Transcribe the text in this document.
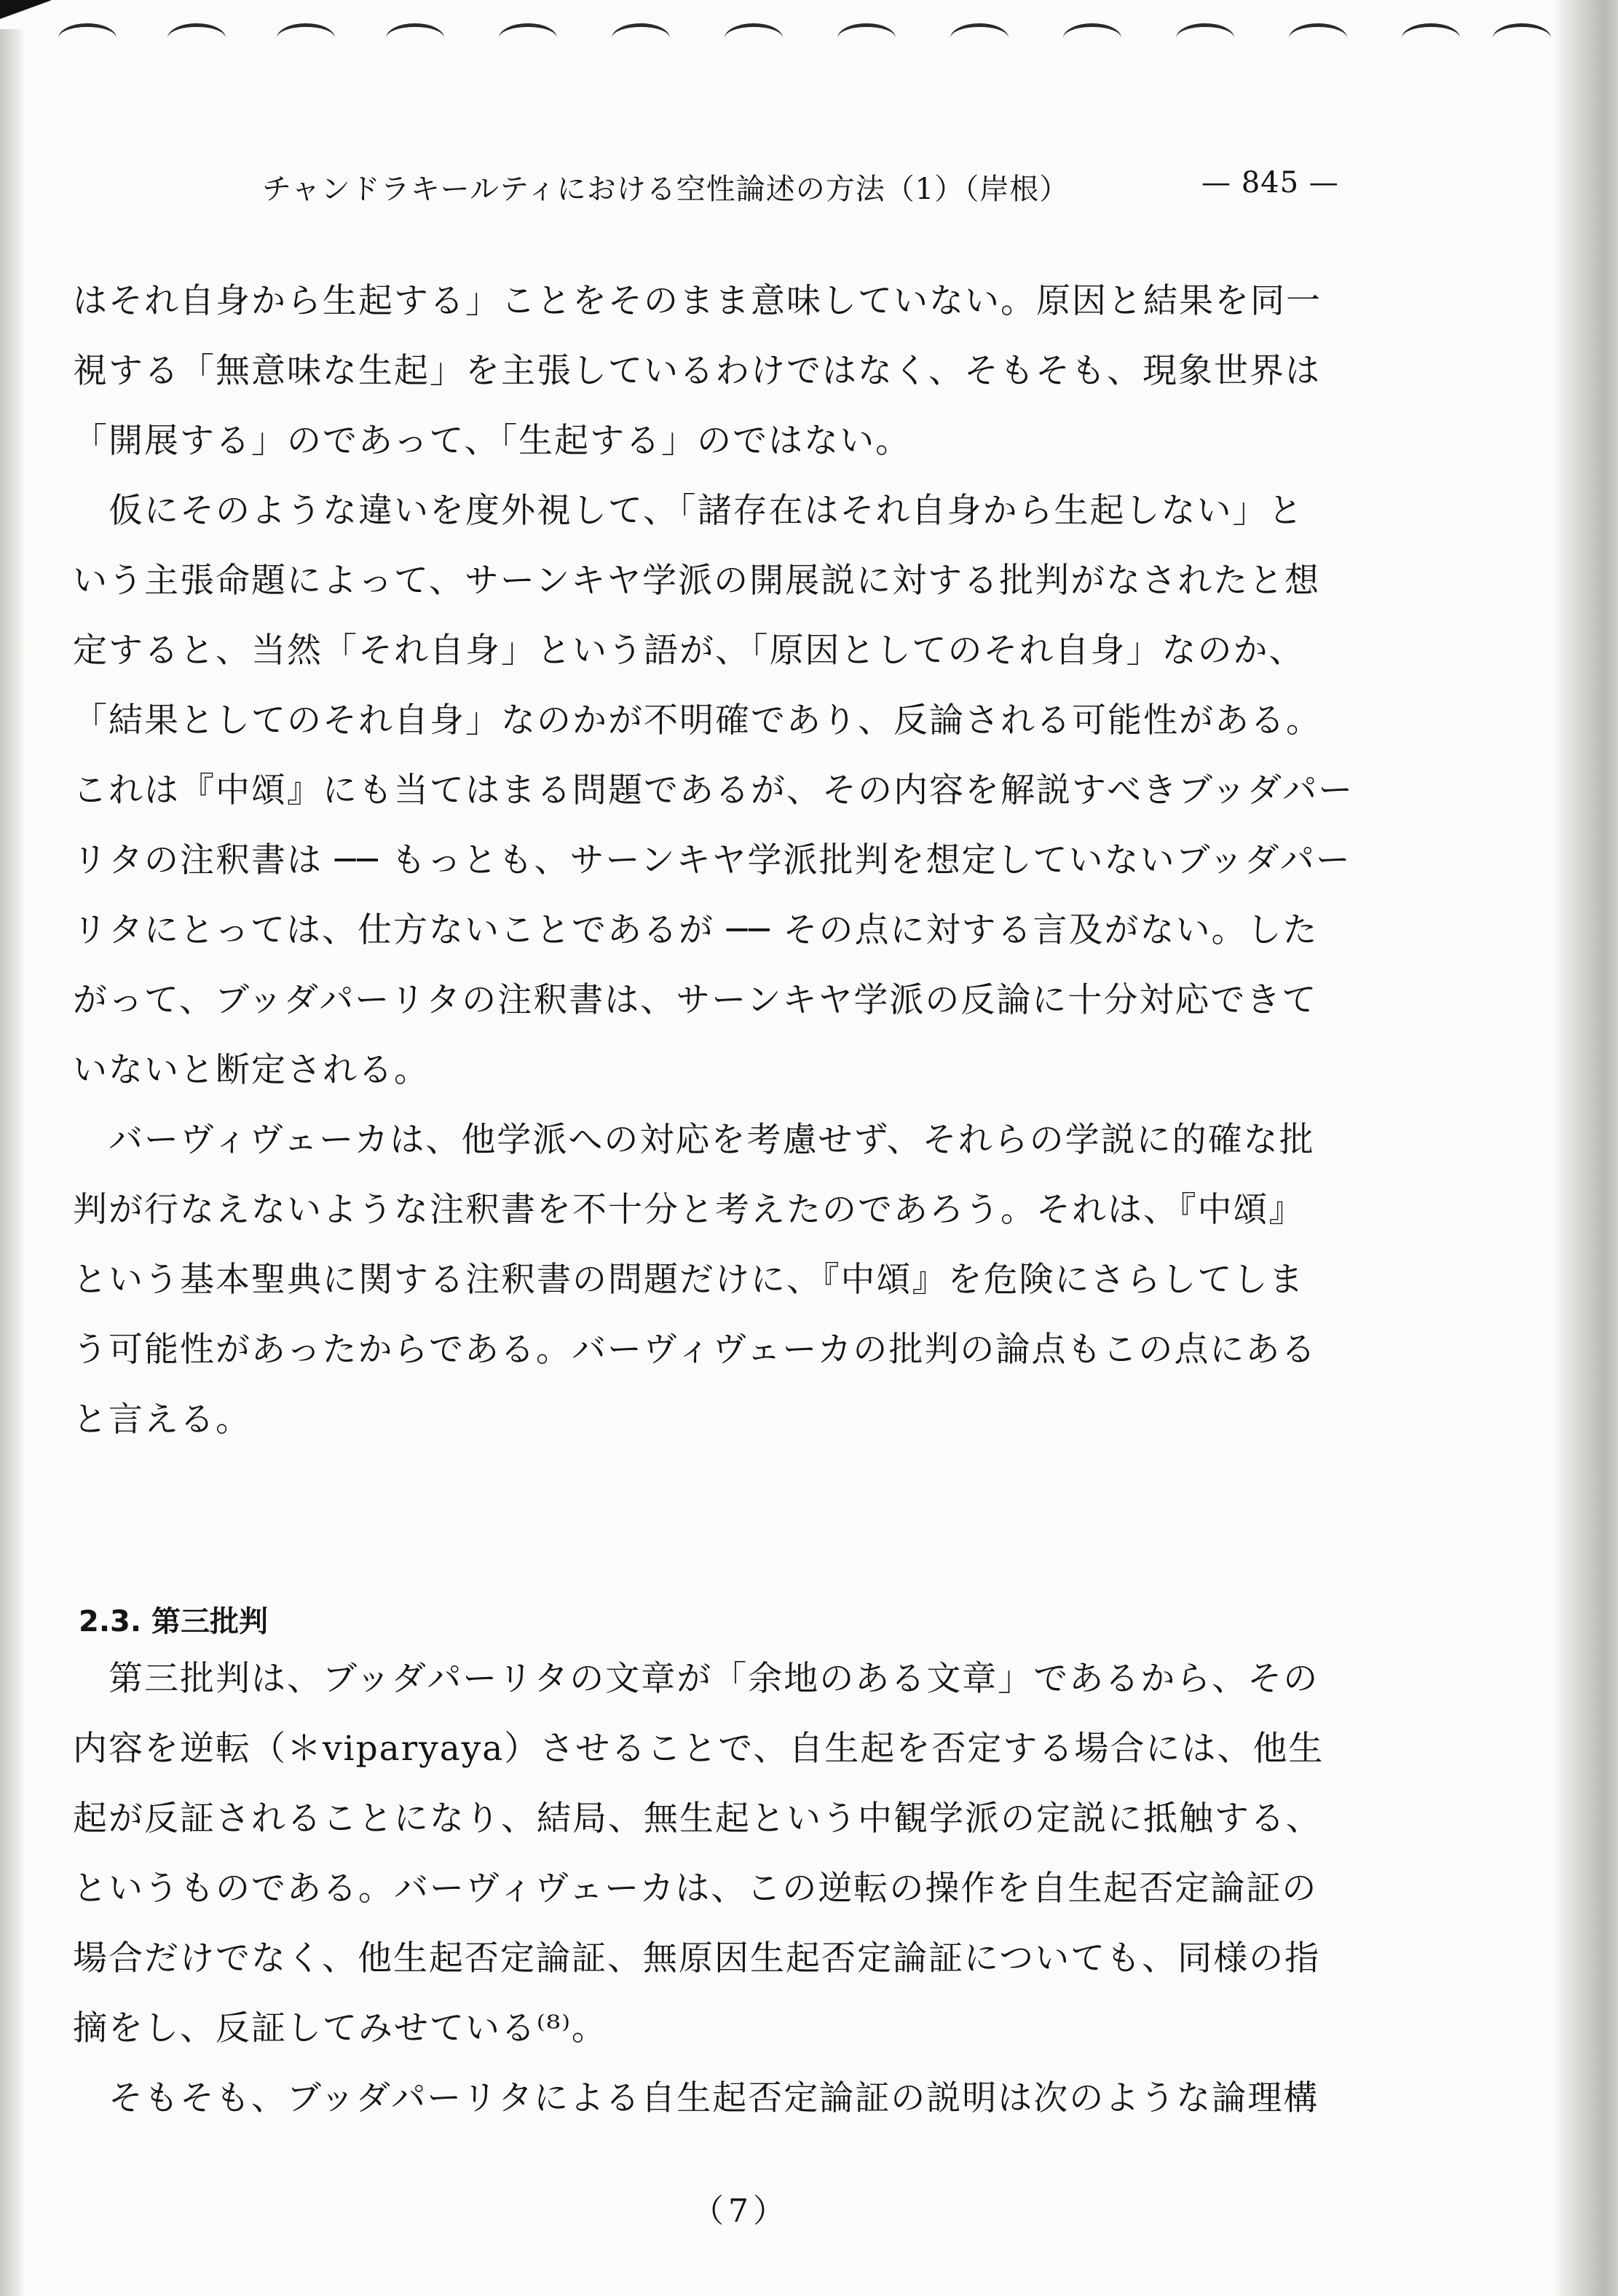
チャンドラキールティにおける空性論述の方法（1）（岸根）	— 845 —
はそれ自身から生起する」ことをそのまま意味していない。原因と結果を同一
視する「無意味な生起」を主張しているわけではなく、そもそも、現象世界は
「開展する」のであって、「生起する」のではない。
　仮にそのような違いを度外視して、「諸存在はそれ自身から生起しない」と
いう主張命題によって、サーンキヤ学派の開展説に対する批判がなされたと想
定すると、当然「それ自身」という語が、「原因としてのそれ自身」なのか、
「結果としてのそれ自身」なのかが不明確であり、反論される可能性がある。
これは『中頌』にも当てはまる問題であるが、その内容を解説すべきブッダパー
リタの注釈書は ── もっとも、サーンキヤ学派批判を想定していないブッダパー
リタにとっては、仕方ないことであるが ── その点に対する言及がない。した
がって、ブッダパーリタの注釈書は、サーンキヤ学派の反論に十分対応できて
いないと断定される。
　バーヴィヴェーカは、他学派への対応を考慮せず、それらの学説に的確な批
判が行なえないような注釈書を不十分と考えたのであろう。それは、『中頌』
という基本聖典に関する注釈書の問題だけに、『中頌』を危険にさらしてしま
う可能性があったからである。バーヴィヴェーカの批判の論点もこの点にある
と言える。
2.3. 第三批判
　第三批判は、ブッダパーリタの文章が「余地のある文章」であるから、その
内容を逆転（＊viparyaya）させることで、自生起を否定する場合には、他生
起が反証されることになり、結局、無生起という中観学派の定説に抵触する、
というものである。バーヴィヴェーカは、この逆転の操作を自生起否定論証の
場合だけでなく、他生起否定論証、無原因生起否定論証についても、同様の指
摘をし、反証してみせている⁽⁸⁾。
　そもそも、ブッダパーリタによる自生起否定論証の説明は次のような論理構
（7）
